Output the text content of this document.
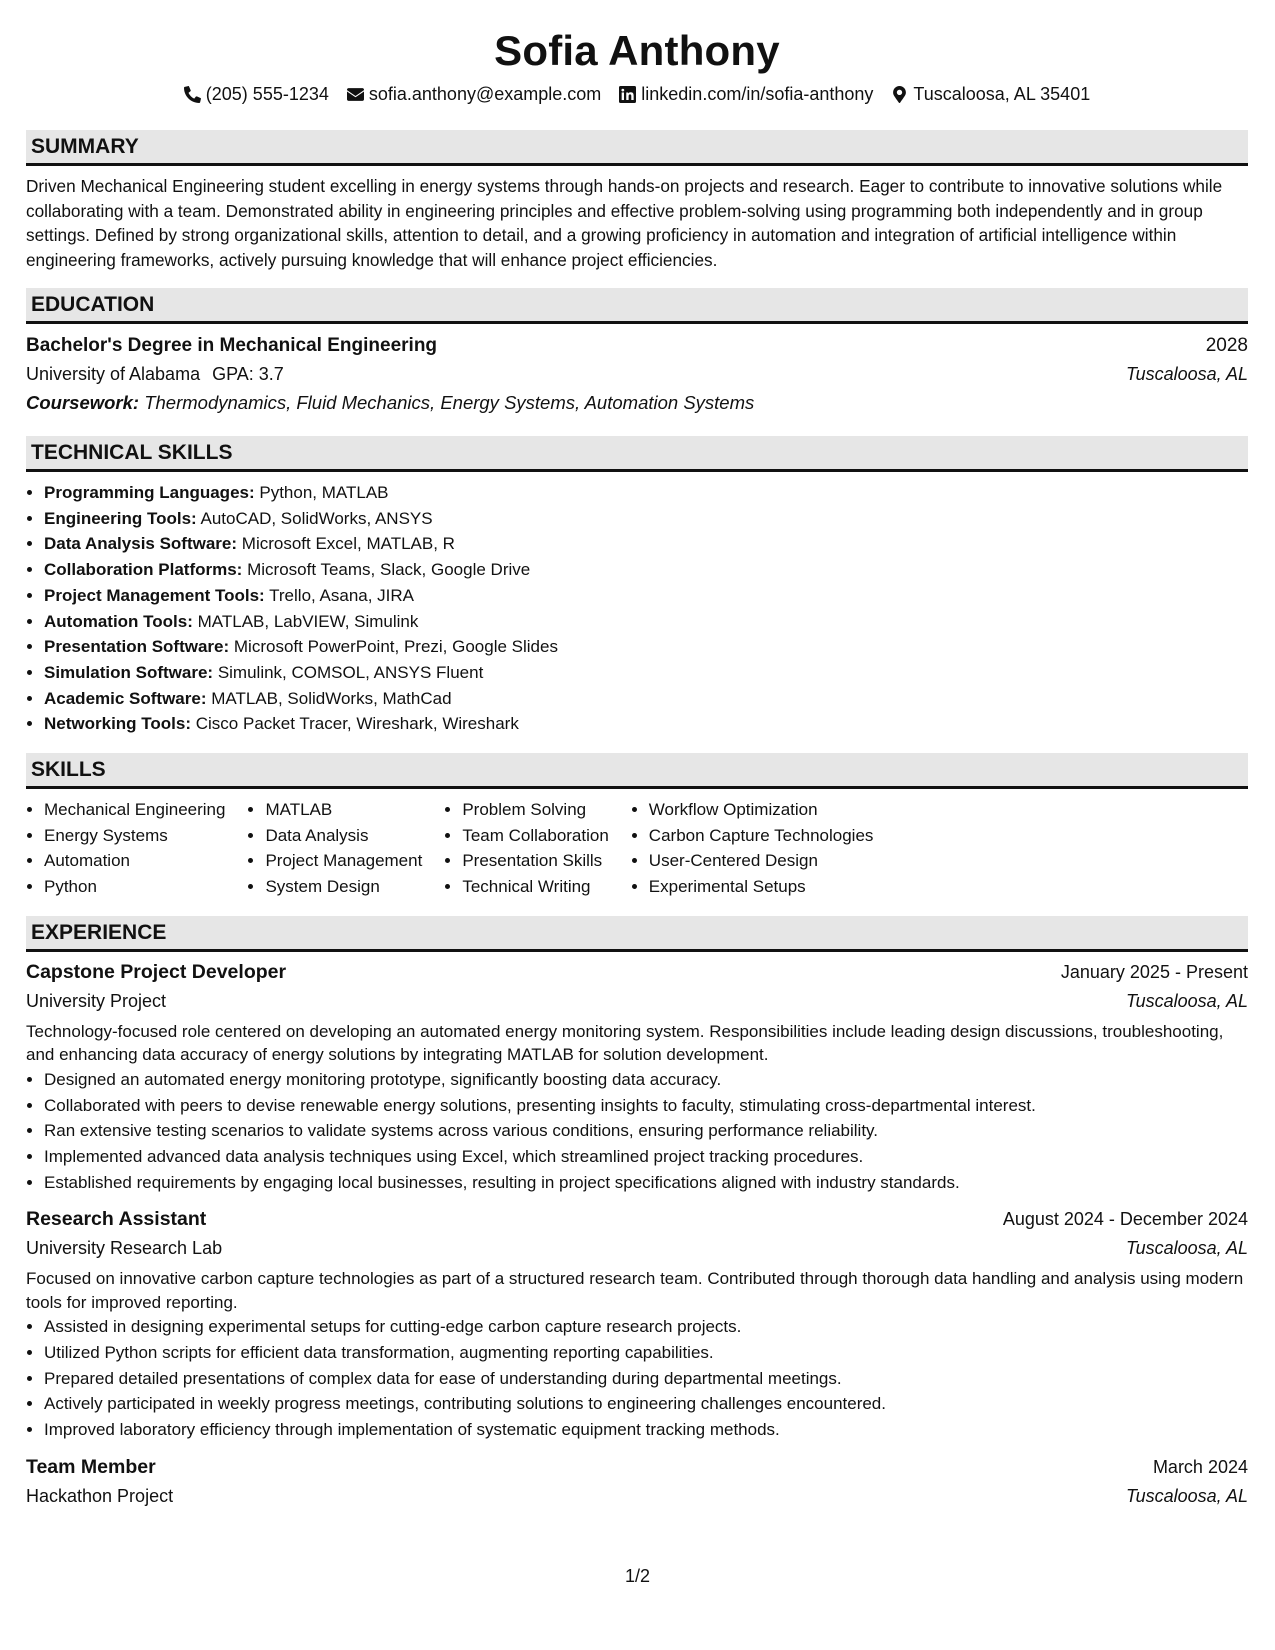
Sofia Anthony
(205) 555-1234 sofia.anthony@example.com linkedin.com/in/sofia-anthony Tuscaloosa, AL 35401
SUMMARY
Driven Mechanical Engineering student excelling in energy systems through hands-on projects and research. Eager to contribute to innovative solutions while collaborating with a team. Demonstrated ability in engineering principles and effective problem-solving using programming both independently and in group settings. Defined by strong organizational skills, attention to detail, and a growing proficiency in automation and integration of artificial intelligence within engineering frameworks, actively pursuing knowledge that will enhance project efficiencies.
EDUCATION
Bachelor's Degree in Mechanical Engineering	2028
University of Alabama GPA: 3.7	Tuscaloosa, AL
Coursework: Thermodynamics, Fluid Mechanics, Energy Systems, Automation Systems
TECHNICAL SKILLS
• Programming Languages: Python, MATLAB
• Engineering Tools: AutoCAD, SolidWorks, ANSYS
• Data Analysis Software: Microsoft Excel, MATLAB, R
• Collaboration Platforms: Microsoft Teams, Slack, Google Drive
• Project Management Tools: Trello, Asana, JIRA
• Automation Tools: MATLAB, LabVIEW, Simulink
• Presentation Software: Microsoft PowerPoint, Prezi, Google Slides
• Simulation Software: Simulink, COMSOL, ANSYS Fluent
• Academic Software: MATLAB, SolidWorks, MathCad
• Networking Tools: Cisco Packet Tracer, Wireshark, Wireshark
SKILLS
• Mechanical Engineering
• Energy Systems
• Automation
• Python
• MATLAB
• Data Analysis
• Project Management
• System Design
• Problem Solving
• Team Collaboration
• Presentation Skills
• Technical Writing
• Workflow Optimization
• Carbon Capture Technologies
• User-Centered Design
• Experimental Setups
EXPERIENCE
Capstone Project Developer	January 2025 - Present
University Project	Tuscaloosa, AL
Technology-focused role centered on developing an automated energy monitoring system. Responsibilities include leading design discussions, troubleshooting, and enhancing data accuracy of energy solutions by integrating MATLAB for solution development.
• Designed an automated energy monitoring prototype, significantly boosting data accuracy.
• Collaborated with peers to devise renewable energy solutions, presenting insights to faculty, stimulating cross-departmental interest.
• Ran extensive testing scenarios to validate systems across various conditions, ensuring performance reliability.
• Implemented advanced data analysis techniques using Excel, which streamlined project tracking procedures.
• Established requirements by engaging local businesses, resulting in project specifications aligned with industry standards.
Research Assistant	August 2024 - December 2024
University Research Lab	Tuscaloosa, AL
Focused on innovative carbon capture technologies as part of a structured research team. Contributed through thorough data handling and analysis using modern tools for improved reporting.
• Assisted in designing experimental setups for cutting-edge carbon capture research projects.
• Utilized Python scripts for efficient data transformation, augmenting reporting capabilities.
• Prepared detailed presentations of complex data for ease of understanding during departmental meetings.
• Actively participated in weekly progress meetings, contributing solutions to engineering challenges encountered.
• Improved laboratory efficiency through implementation of systematic equipment tracking methods.
Team Member	March 2024
Hackathon Project	Tuscaloosa, AL
1/2
